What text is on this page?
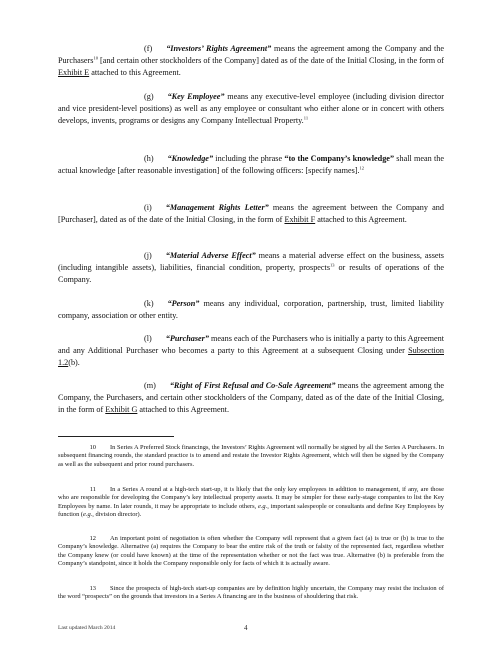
(f) “Investors’ Rights Agreement” means the agreement among the Company and the Purchasers$^{10}$ [and certain other stockholders of the Company] dated as of the date of the Initial Closing, in the form of Exhibit E attached to this Agreement.

(g) “Key Employee” means any executive-level employee (including division director and vice president-level positions) as well as any employee or consultant who either alone or in concert with others develops, invents, programs or designs any Company Intellectual Property.$^{11}$

(h) “Knowledge” including the phrase “to the Company’s knowledge” shall mean the actual knowledge [after reasonable investigation] of the following officers: [specify names].$^{12}$

(i) “Management Rights Letter” means the agreement between the Company and [Purchaser], dated as of the date of the Initial Closing, in the form of Exhibit F attached to this Agreement.

(j) “Material Adverse Effect” means a material adverse effect on the business, assets (including intangible assets), liabilities, financial condition, property, prospects$^{13}$ or results of operations of the Company.

(k) “Person” means any individual, corporation, partnership, trust, limited liability company, association or other entity.

(l) “Purchaser” means each of the Purchasers who is initially a party to this Agreement and any Additional Purchaser who becomes a party to this Agreement at a subsequent Closing under Subsection 1.2(b).

(m) “Right of First Refusal and Co-Sale Agreement” means the agreement among the Company, the Purchasers, and certain other stockholders of the Company, dated as of the date of the Initial Closing, in the form of Exhibit G attached to this Agreement.

10 In Series A Preferred Stock financings, the Investors’ Rights Agreement will normally be signed by all the Series A Purchasers. In subsequent financing rounds, the standard practice is to amend and restate the Investor Rights Agreement, which will then be signed by the Company as well as the subsequent and prior round purchasers.

11 In a Series A round at a high-tech start-up, it is likely that the only key employees in addition to management, if any, are those who are responsible for developing the Company’s key intellectual property assets. It may be simpler for these early-stage companies to list the Key Employees by name. In later rounds, it may be appropriate to include others, e.g., important salespeople or consultants and define Key Employees by function (e.g., division director).

12 An important point of negotiation is often whether the Company will represent that a given fact (a) is true or (b) is true to the Company’s knowledge. Alternative (a) requires the Company to bear the entire risk of the truth or falsity of the represented fact, regardless whether the Company knew (or could have known) at the time of the representation whether or not the fact was true. Alternative (b) is preferable from the Company’s standpoint, since it holds the Company responsible only for facts of which it is actually aware.

13 Since the prospects of high-tech start-up companies are by definition highly uncertain, the Company may resist the inclusion of the word “prospects” on the grounds that investors in a Series A financing are in the business of shouldering that risk.

Last updated March 2014	4
